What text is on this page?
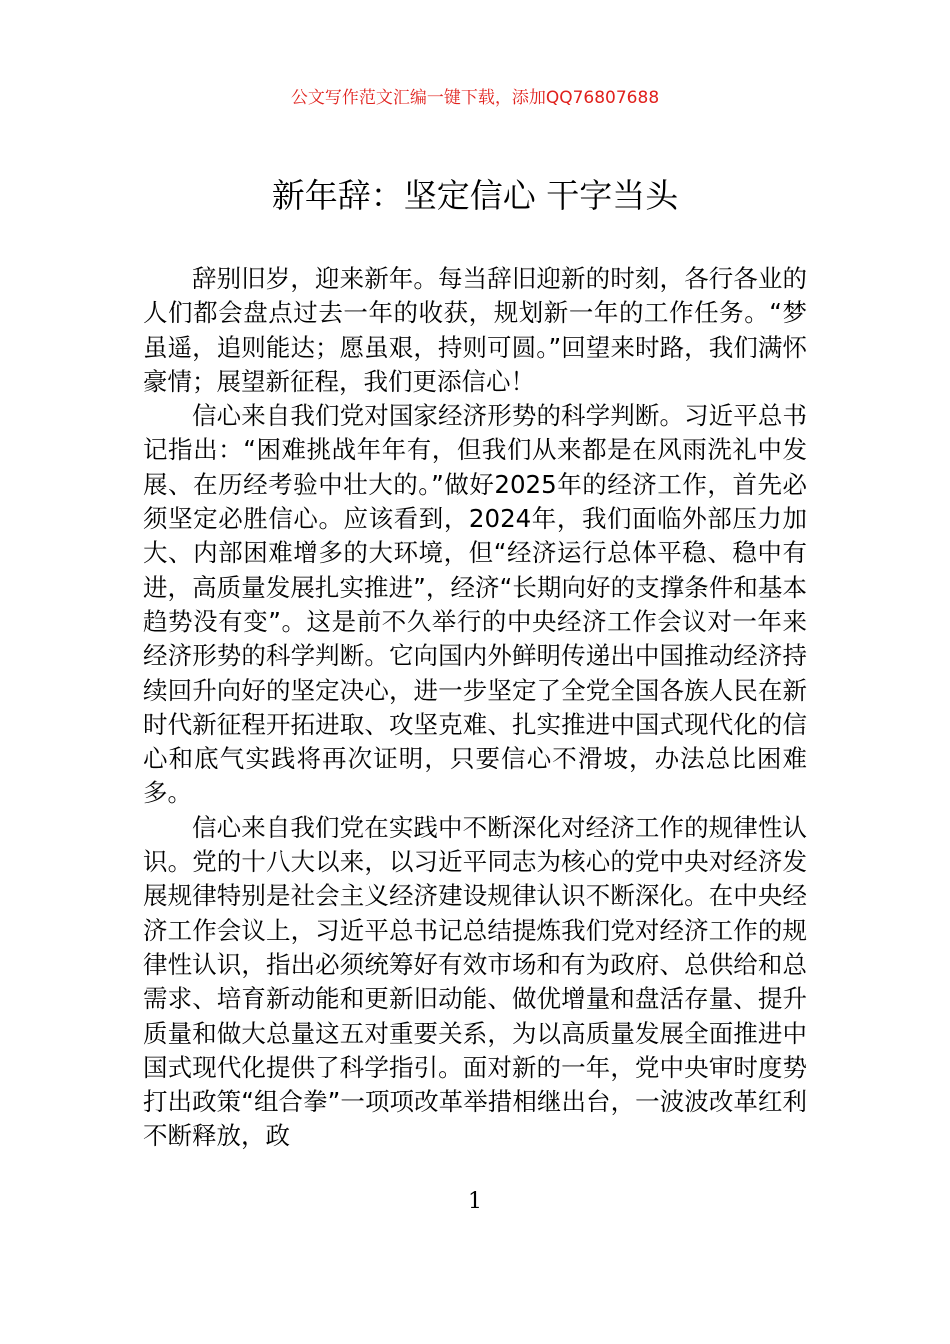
公文写作范文汇编一键下载，添加QQ76807688
新年辞：坚定信心 干字当头

辞别旧岁，迎来新年。每当辞旧迎新的时刻，各行各业的人们都会盘点过去一年的收获，规划新一年的工作任务。“梦虽遥，追则能达；愿虽艰，持则可圆。”回望来时路，我们满怀豪情；展望新征程，我们更添信心！

信心来自我们党对国家经济形势的科学判断。习近平总书记指出：“困难挑战年年有，但我们从来都是在风雨洗礼中发展、在历经考验中壮大的。”做好2025年的经济工作，首先必须坚定必胜信心。应该看到，2024年，我们面临外部压力加大、内部困难增多的大环境，但“经济运行总体平稳、稳中有进，高质量发展扎实推进”，经济“长期向好的支撑条件和基本趋势没有变”。这是前不久举行的中央经济工作会议对一年来经济形势的科学判断。它向国内外鲜明传递出中国推动经济持续回升向好的坚定决心，进一步坚定了全党全国各族人民在新时代新征程开拓进取、攻坚克难、扎实推进中国式现代化的信心和底气实践将再次证明，只要信心不滑坡，办法总比困难多。

信心来自我们党在实践中不断深化对经济工作的规律性认识。党的十八大以来，以习近平同志为核心的党中央对经济发展规律特别是社会主义经济建设规律认识不断深化。在中央经济工作会议上，习近平总书记总结提炼我们党对经济工作的规律性认识，指出必须统筹好有效市场和有为政府、总供给和总需求、培育新动能和更新旧动能、做优增量和盘活存量、提升质量和做大总量这五对重要关系，为以高质量发展全面推进中国式现代化提供了科学指引。面对新的一年，党中央审时度势打出政策“组合拳”一项项改革举措相继出台，一波波改革红利不断释放，政

1
